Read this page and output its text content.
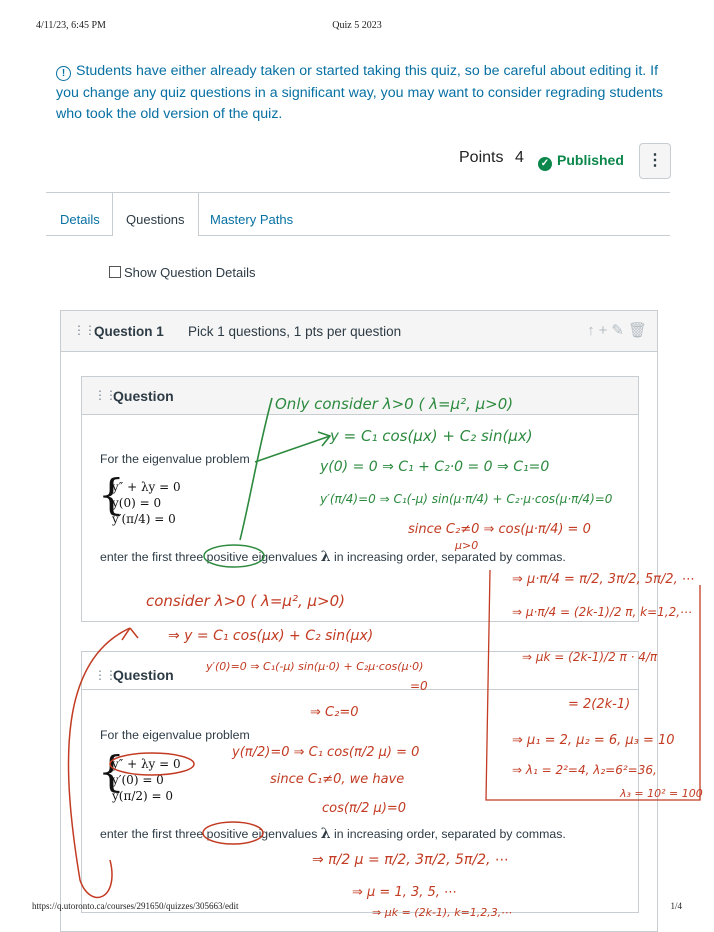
4/11/23, 6:45 PM	Quiz 5 2023
! Students have either already taken or started taking this quiz, so be careful about editing it. If you change any quiz questions in a significant way, you may want to consider regrading students who took the old version of the quiz.
Points 4 ✓ Published	⋮
Details	Questions	Mastery Paths
Show Question Details
⋮⋮ Question 1 Pick 1 questions, 1 pts per question	↑ + ✎ 🗑
⋮⋮
Question
For the eigenvalue problem
{
y″ + λy = 0
y(0) = 0
y′(π/4) = 0
enter the first three positive eigenvalues λ in increasing order, separated by commas.
⋮⋮
Question
For the eigenvalue problem
{
y″ + λy = 0
y′(0) = 0
y(π/2) = 0
enter the first three positive eigenvalues λ in increasing order, separated by commas.
Only consider λ>0 ( λ=μ², μ>0)
y = C₁ cos(μx) + C₂ sin(μx)
y(0) = 0 ⇒ C₁ + C₂·0 = 0 ⇒ C₁=0
y′(π/4)=0 ⇒ C₁(-μ) sin(μ·π/4) + C₂·μ·cos(μ·π/4)=0
since C₂≠0 ⇒ cos(μ·π/4) = 0
μ>0
⇒ μ·π/4 = π/2, 3π/2, 5π/2, ⋯
⇒ μ·π/4 = (2k-1)/2 π, k=1,2,⋯
⇒ μk = (2k-1)/2 π · 4/π
= 2(2k-1)
⇒ μ₁ = 2, μ₂ = 6, μ₃ = 10
⇒ λ₁ = 2²=4, λ₂=6²=36,
λ₃ = 10² = 100
consider λ>0 ( λ=μ², μ>0)
⇒ y = C₁ cos(μx) + C₂ sin(μx)
y′(0)=0 ⇒ C₁(-μ) sin(μ·0) + C₂μ·cos(μ·0)
=0
⇒ C₂=0
y(π/2)=0 ⇒ C₁ cos(π/2 μ) = 0
since C₁≠0, we have
cos(π/2 μ)=0
⇒ π/2 μ = π/2, 3π/2, 5π/2, ⋯
⇒ μ = 1, 3, 5, ⋯
⇒ μk = (2k-1), k=1,2,3,⋯
https://q.utoronto.ca/courses/291650/quizzes/305663/edit	1/4
